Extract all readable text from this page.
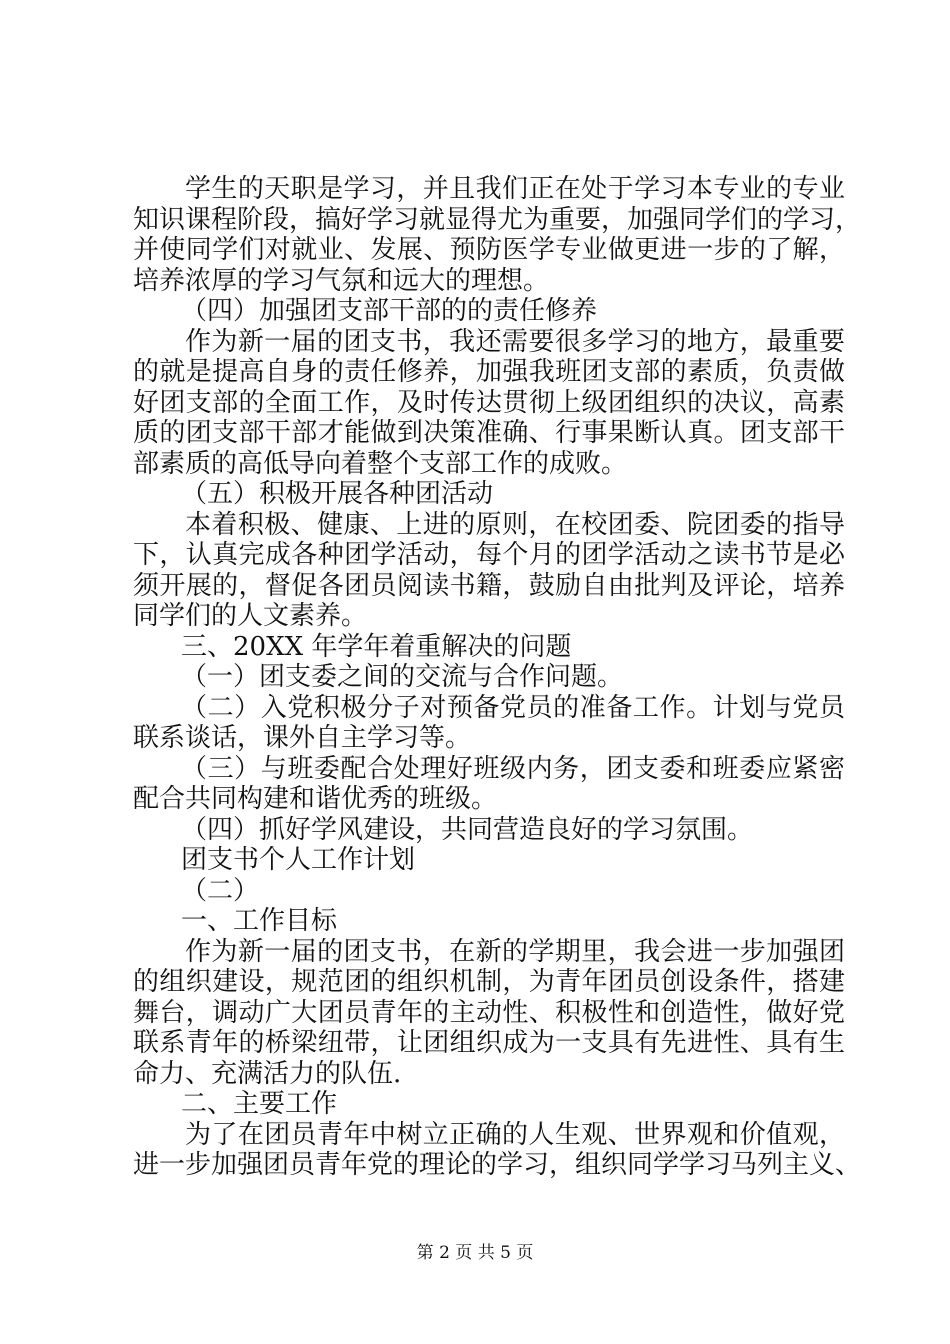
学生的天职是学习，并且我们正在处于学习本专业的专业
知识课程阶段，搞好学习就显得尤为重要，加强同学们的学习，
并使同学们对就业、发展、预防医学专业做更进一步的了解，
培养浓厚的学习气氛和远大的理想。
（四）加强团支部干部的的责任修养
作为新一届的团支书，我还需要很多学习的地方，最重要
的就是提高自身的责任修养，加强我班团支部的素质，负责做
好团支部的全面工作，及时传达贯彻上级团组织的决议，高素
质的团支部干部才能做到决策准确、行事果断认真。团支部干
部素质的高低导向着整个支部工作的成败。
（五）积极开展各种团活动
本着积极、健康、上进的原则，在校团委、院团委的指导
下，认真完成各种团学活动，每个月的团学活动之读书节是必
须开展的，督促各团员阅读书籍，鼓励自由批判及评论，培养
同学们的人文素养。
三、20XX 年学年着重解决的问题
（一）团支委之间的交流与合作问题。
（二）入党积极分子对预备党员的准备工作。计划与党员
联系谈话，课外自主学习等。
（三）与班委配合处理好班级内务，团支委和班委应紧密
配合共同构建和谐优秀的班级。
（四）抓好学风建设，共同营造良好的学习氛围。
团支书个人工作计划
（二）
一、工作目标
作为新一届的团支书，在新的学期里，我会进一步加强团
的组织建设，规范团的组织机制，为青年团员创设条件，搭建
舞台，调动广大团员青年的主动性、积极性和创造性，做好党
联系青年的桥梁纽带，让团组织成为一支具有先进性、具有生
命力、充满活力的队伍.
二、主要工作
为了在团员青年中树立正确的人生观、世界观和价值观，
进一步加强团员青年党的理论的学习，组织同学学习马列主义、
第 2 页 共 5 页
